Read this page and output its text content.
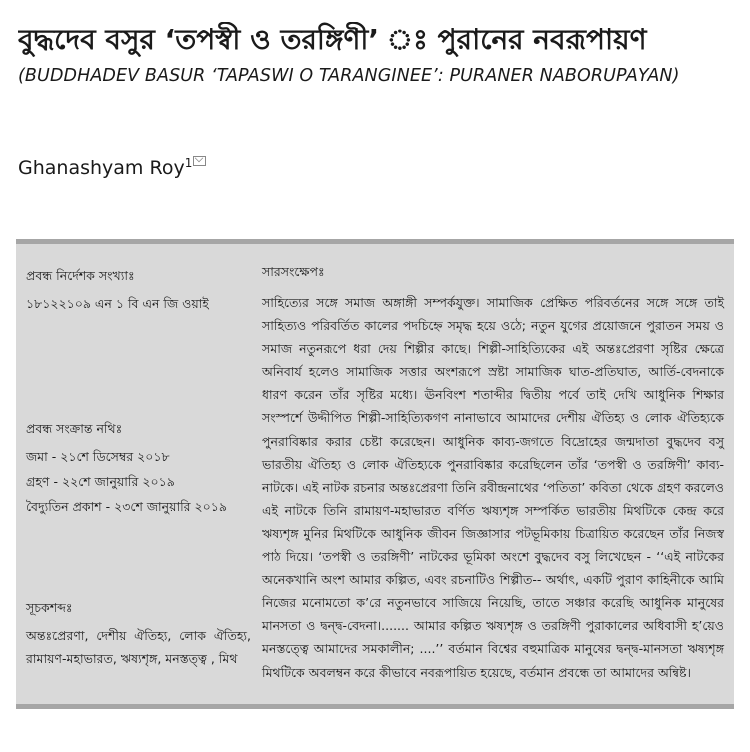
বুদ্ধদেব বসুর ‘তপস্বী ও তরঙ্গিণী’ ঃ পুরানের নবরূপায়ণ
(BUDDHADEV BASUR ‘TAPASWI O TARANGINEE’: PURANER NABORUPAYAN)
Ghanashyam Roy$^1$
প্রবন্ধ নির্দেশক সংখ্যাঃ
১৮১২২১০৯ এন ১ বি এন জি ওয়াই
প্রবন্ধ সংক্রান্ত নথিঃ
জমা - ২১শে ডিসেম্বর ২০১৮
গ্রহণ - ২২শে জানুয়ারি ২০১৯
বৈদ্যুতিন প্রকাশ - ২৩শে জানুয়ারি ২০১৯
সূচকশব্দঃ
অন্তঃপ্রেরণা, দেশীয় ঐতিহ্য, লোক ঐতিহ্য, রামায়ণ-মহাভারত, ঋষ্যশৃঙ্গ, মনস্তত্ত্ব , মিথ
সারসংক্ষেপঃ
সাহিত্যের সঙ্গে সমাজ অঙ্গাঙ্গী সম্পর্কযুক্ত। সামাজিক প্রেক্ষিত পরিবর্তনের সঙ্গে সঙ্গে তাই সাহিত্যও পরিবর্তিত কালের পদচিহ্নে সমৃদ্ধ হয়ে ওঠে; নতুন যুগের প্রয়োজনে পুরাতন সময় ও সমাজ নতুনরূপে ধরা দেয় শিল্পীর কাছে। শিল্পী-সাহিত্যিকের এই অন্তঃপ্রেরণা সৃষ্টির ক্ষেত্রে অনিবার্য হলেও সামাজিক সত্তার অংশরূপে স্রষ্টা সামাজিক ঘাত-প্রতিঘাত, আর্তি-বেদনাকে ধারণ করেন তাঁর সৃষ্টির মধ্যে। ঊনবিংশ শতাব্দীর দ্বিতীয় পর্বে তাই দেখি আধুনিক শিক্ষার সংস্পর্শে উদ্দীপিত শিল্পী-সাহিত্যিকগণ নানাভাবে আমাদের দেশীয় ঐতিহ্য ও লোক ঐতিহ্যকে পুনরাবিষ্কার করার চেষ্টা করেছেন। আধুনিক কাব্য-জগতে বিদ্রোহের জন্মদাতা বুদ্ধদেব বসু ভারতীয় ঐতিহ্য ও লোক ঐতিহ্যকে পুনরাবিষ্কার করেছিলেন তাঁর ‘তপস্বী ও তরঙ্গিণী’ কাব্য-নাটকে। এই নাটক রচনার অন্তঃপ্রেরণা তিনি রবীন্দ্রনাথের ‘পতিতা’ কবিতা থেকে গ্রহণ করলেও এই নাটকে তিনি রামায়ণ-মহাভারত বর্ণিত ঋষ্যশৃঙ্গ সম্পর্কিত ভারতীয় মিথটিকে কেন্দ্র করে ঋষ্যশৃঙ্গ মুনির মিথটিকে আধুনিক জীবন জিজ্ঞাসার পটভূমিকায় চিত্রায়িত করেছেন তাঁর নিজস্ব পাঠ দিয়ে। ‘তপস্বী ও তরঙ্গিণী’ নাটকের ভূমিকা অংশে বুদ্ধদেব বসু লিখেছেন - ‘‘এই নাটকের অনেকখানি অংশ আমার কল্পিত, এবং রচনাটিও শিল্পীত-- অর্থাৎ, একটি পুরাণ কাহিনীকে আমি নিজের মনোমতো ক’রে নতুনভাবে সাজিয়ে নিয়েছি, তাতে সঞ্চার করেছি আধুনিক মানুষের মানসতা ও দ্বন্দ্ব-বেদনা।....... আমার কল্পিত ঋষ্যশৃঙ্গ ও তরঙ্গিণী পুরাকালের অধিবাসী হ’য়েও মনস্তত্ত্বে আমাদের সমকালীন; ....’’ বর্তমান বিশ্বের বহুমাত্রিক মানুষের দ্বন্দ্ব-মানসতা ঋষ্যশৃঙ্গ মিথটিকে অবলম্বন করে কীভাবে নবরূপায়িত হয়েছে, বর্তমান প্রবন্ধে তা আমাদের অন্বিষ্ট।
